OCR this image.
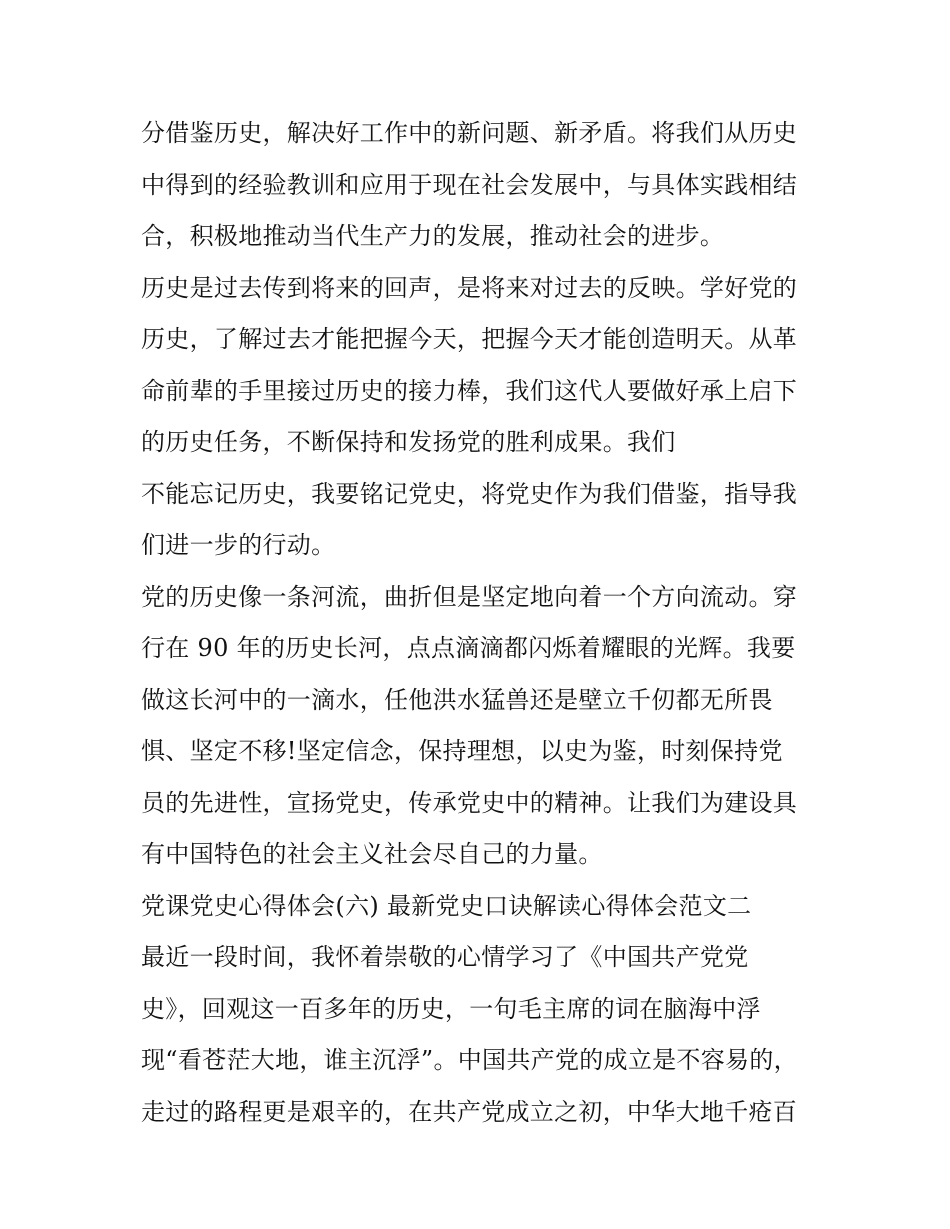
分借鉴历史，解决好工作中的新问题、新矛盾。将我们从历史
中得到的经验教训和应用于现在社会发展中，与具体实践相结
合，积极地推动当代生产力的发展，推动社会的进步。
历史是过去传到将来的回声，是将来对过去的反映。学好党的
历史，了解过去才能把握今天，把握今天才能创造明天。从革
命前辈的手里接过历史的接力棒，我们这代人要做好承上启下
的历史任务，不断保持和发扬党的胜利成果。我们
不能忘记历史，我要铭记党史，将党史作为我们借鉴，指导我
们进一步的行动。
党的历史像一条河流，曲折但是坚定地向着一个方向流动。穿
行在 90 年的历史长河，点点滴滴都闪烁着耀眼的光辉。我要
做这长河中的一滴水，任他洪水猛兽还是壁立千仞都无所畏
惧、坚定不移!坚定信念，保持理想，以史为鉴，时刻保持党
员的先进性，宣扬党史，传承党史中的精神。让我们为建设具
有中国特色的社会主义社会尽自己的力量。
党课党史心得体会(六) 最新党史口诀解读心得体会范文二
最近一段时间，我怀着崇敬的心情学习了《中国共产党党
史》，回观这一百多年的历史，一句毛主席的词在脑海中浮
现“看苍茫大地，谁主沉浮”。中国共产党的成立是不容易的，
走过的路程更是艰辛的，在共产党成立之初，中华大地千疮百
